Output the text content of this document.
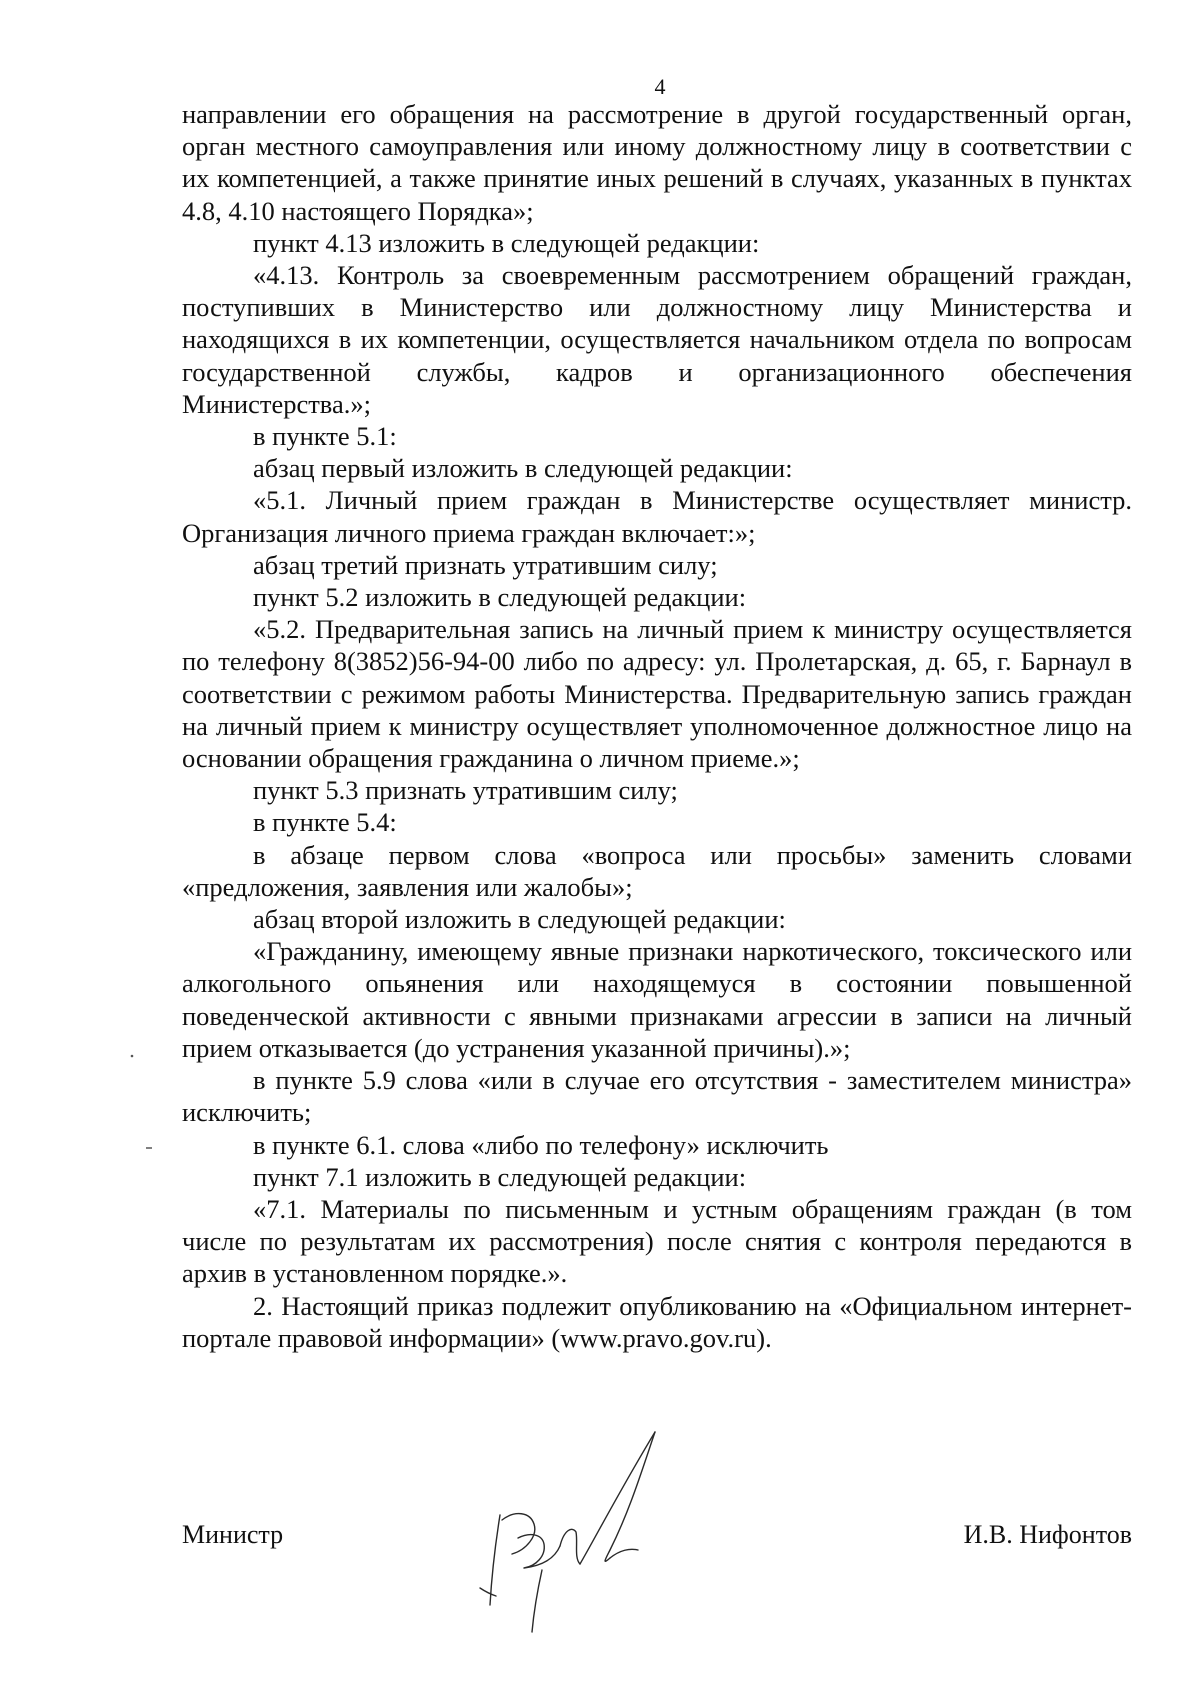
4

направлении его обращения на рассмотрение в другой государственный орган, орган местного самоуправления или иному должностному лицу в соответствии с их компетенцией, а также принятие иных решений в случаях, указанных в пунктах 4.8, 4.10 настоящего Порядка»;

пункт 4.13 изложить в следующей редакции:

«4.13. Контроль за своевременным рассмотрением обращений граждан, поступивших в Министерство или должностному лицу Министерства и находящихся в их компетенции, осуществляется начальником отдела по вопросам государственной службы, кадров и организационного обеспечения Министерства.»;

в пункте 5.1:

абзац первый изложить в следующей редакции:

«5.1. Личный прием граждан в Министерстве осуществляет министр. Организация личного приема граждан включает:»;

абзац третий признать утратившим силу;

пункт 5.2 изложить в следующей редакции:

«5.2. Предварительная запись на личный прием к министру осуществляется по телефону 8(3852)56-94-00 либо по адресу: ул. Пролетарская, д. 65, г. Барнаул в соответствии с режимом работы Министерства. Предварительную запись граждан на личный прием к министру осуществляет уполномоченное должностное лицо на основании обращения гражданина о личном приеме.»;

пункт 5.3 признать утратившим силу;

в пункте 5.4:

в абзаце первом слова «вопроса или просьбы» заменить словами «предложения, заявления или жалобы»;

абзац второй изложить в следующей редакции:

«Гражданину, имеющему явные признаки наркотического, токсического или алкогольного опьянения или находящемуся в состоянии повышенной поведенческой активности с явными признаками агрессии в записи на личный прием отказывается (до устранения указанной причины).»;

в пункте 5.9 слова «или в случае его отсутствия - заместителем министра» исключить;

в пункте 6.1. слова «либо по телефону» исключить

пункт 7.1 изложить в следующей редакции:

«7.1. Материалы по письменным и устным обращениям граждан (в том числе по результатам их рассмотрения) после снятия с контроля передаются в архив в установленном порядке.».

2. Настоящий приказ подлежит опубликованию на «Официальном интернет-портале правовой информации» (www.pravo.gov.ru).

Министр	И.В. Нифонтов
